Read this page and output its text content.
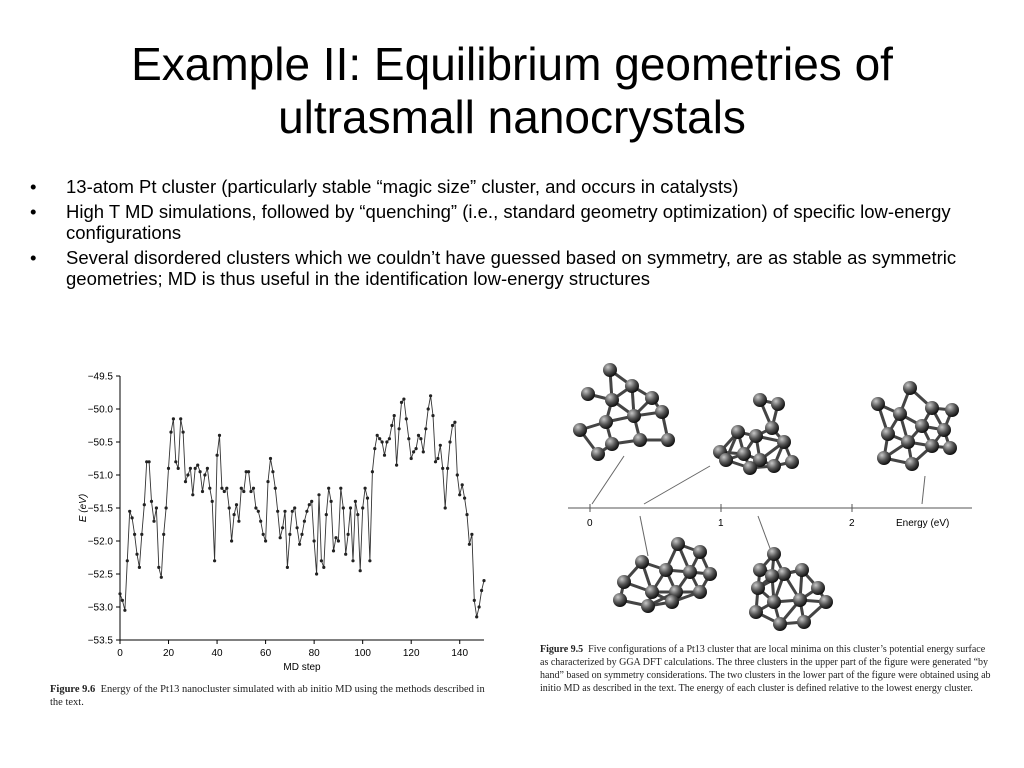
Example II: Equilibrium geometries of
ultrasmall nanocrystals
• 13-atom Pt cluster (particularly stable “magic size” cluster, and occurs in catalysts)
• High T MD simulations, followed by “quenching” (i.e., standard geometry optimization) of specific low-energy configurations
• Several disordered clusters which we couldn’t have guessed based on symmetry, are as stable as symmetric geometries; MD is thus useful in the identification low-energy structures
−49.5
−50.0
−50.5
−51.0
−51.5
−52.0
−52.5
−53.0
−53.5
0	20	40	60	80	100	120	140
MD step
E (eV)
Figure 9.6 Energy of the Pt13 nanocluster simulated with ab initio MD using the methods described in the text.
0	1	2	Energy (eV)
Figure 9.5 Five configurations of a Pt13 cluster that are local minima on this cluster’s potential energy surface as characterized by GGA DFT calculations. The three clusters in the upper part of the figure were generated “by hand” based on symmetry considerations. The two clusters in the lower part of the figure were obtained using ab initio MD as described in the text. The energy of each cluster is defined relative to the lowest energy cluster.
